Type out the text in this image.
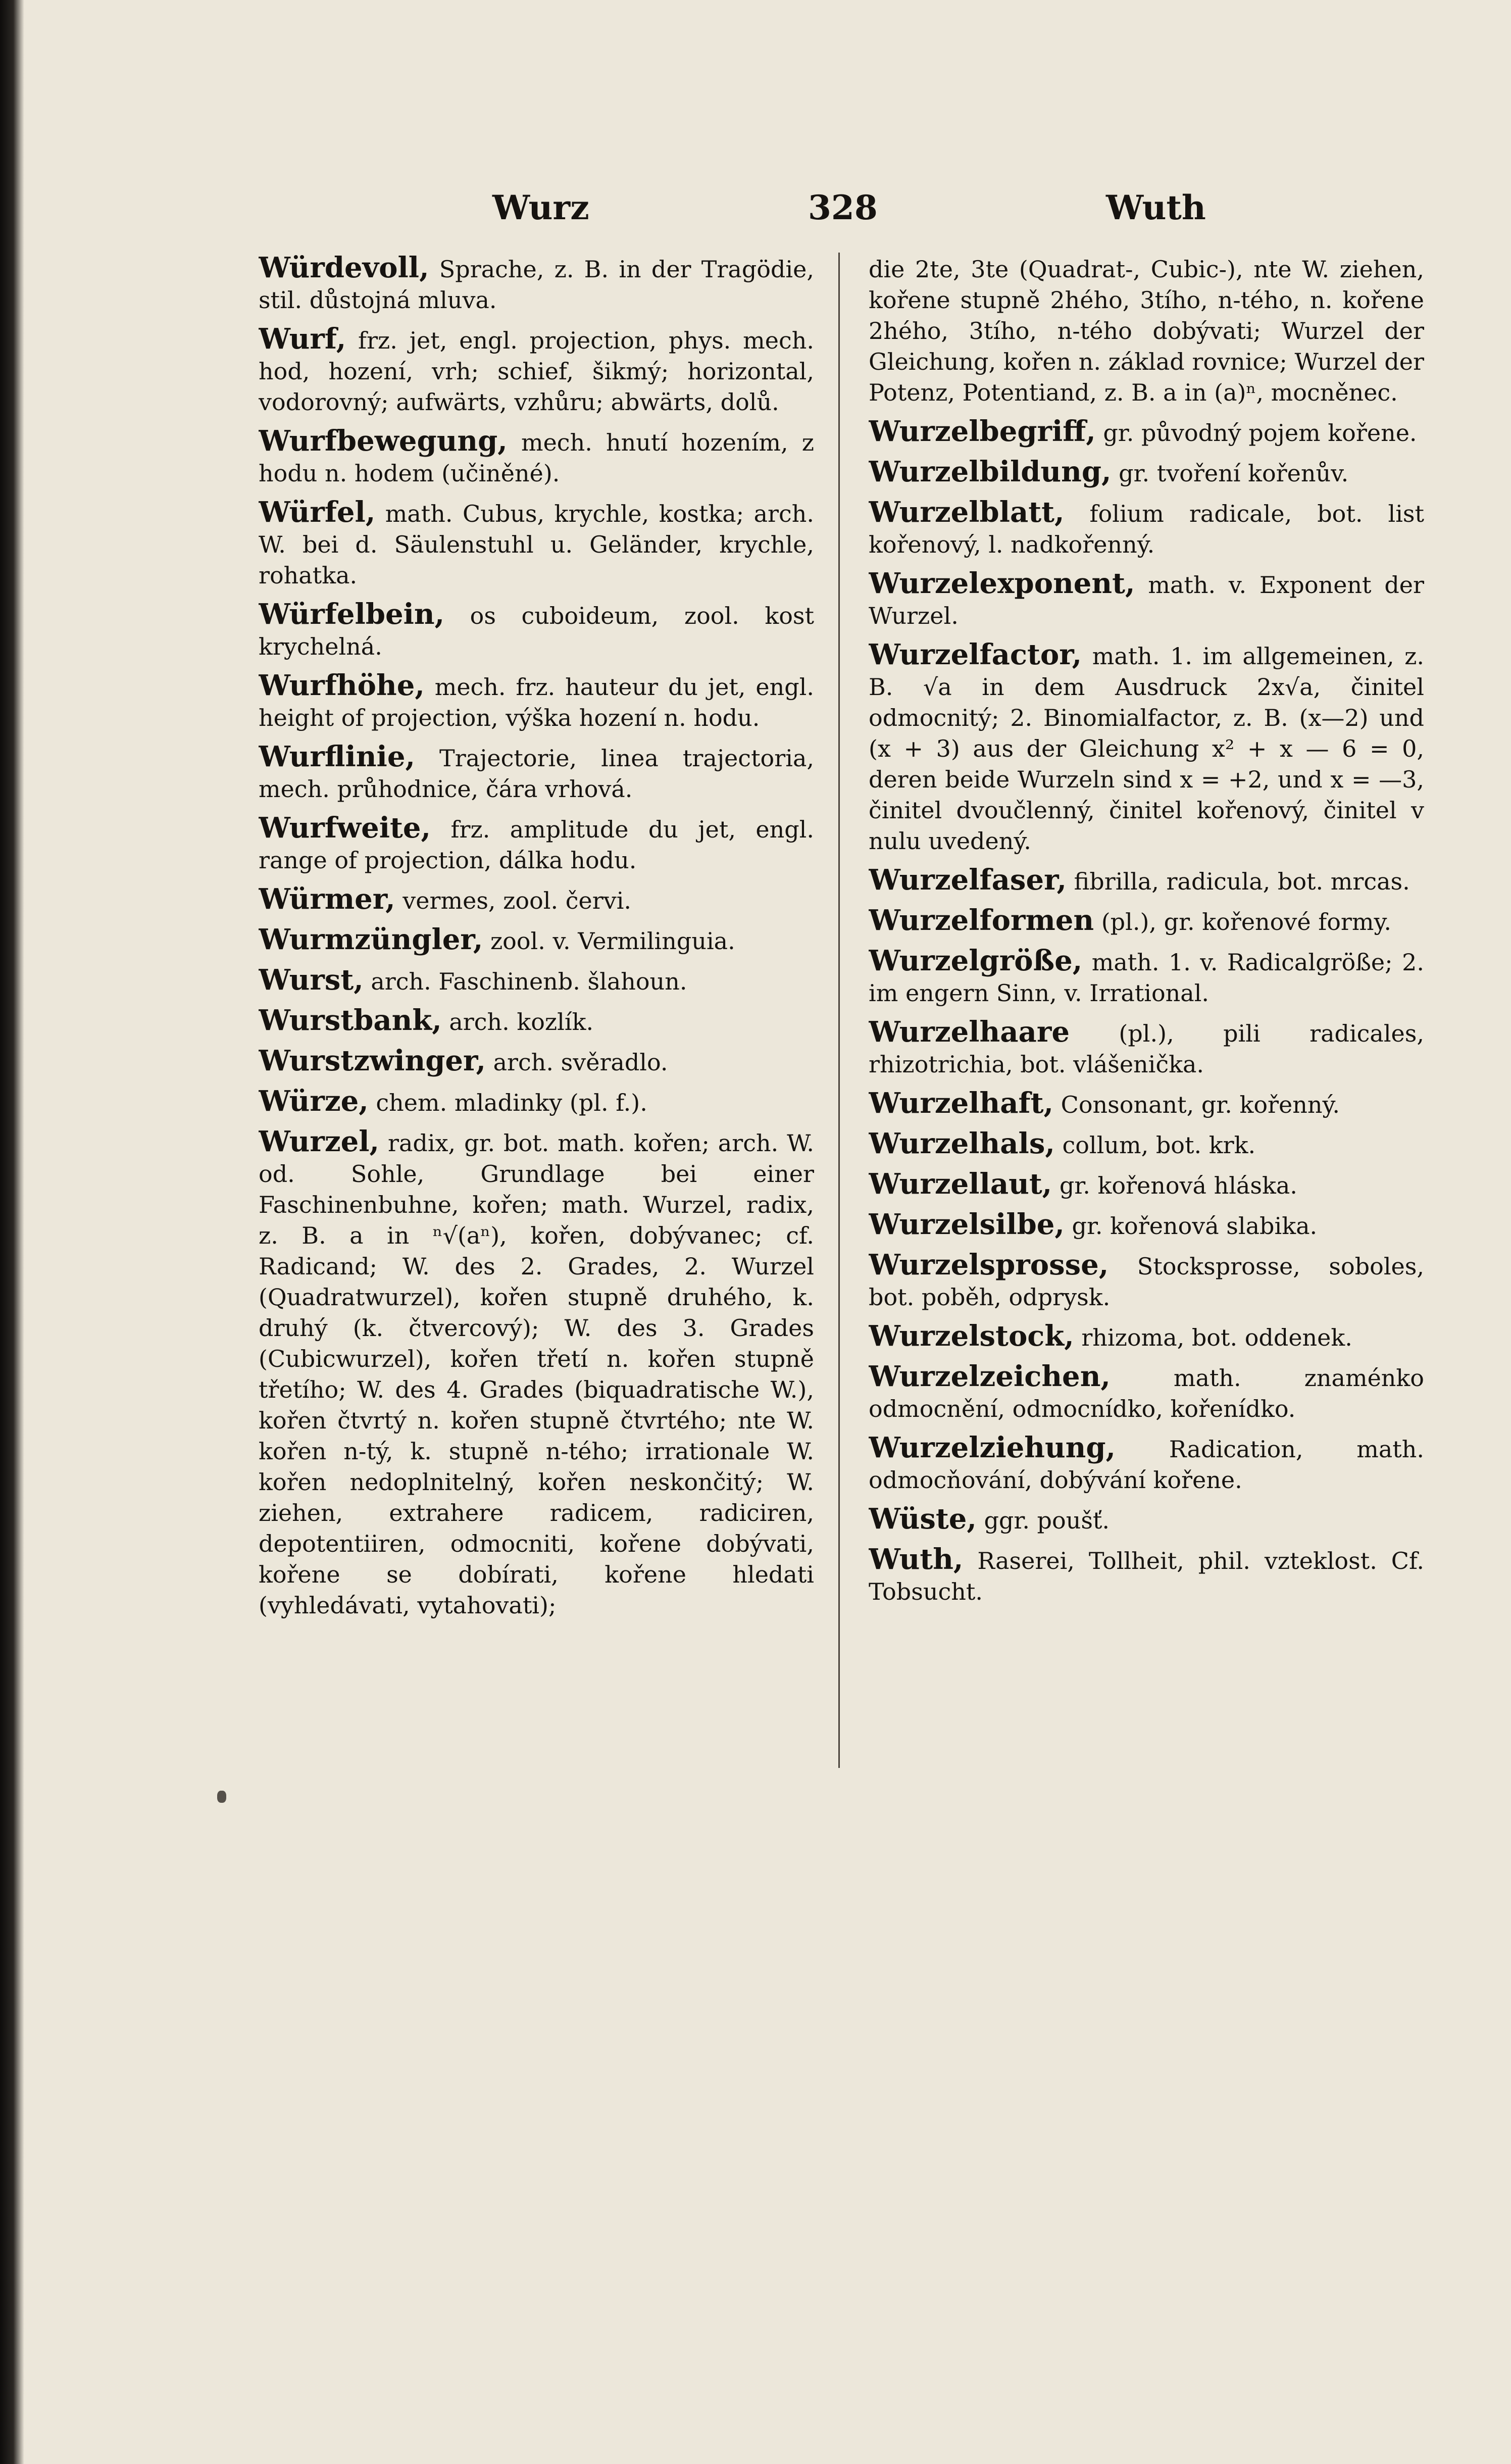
Wurz	328	Wuth

Würdevoll, Sprache, z. B. in der Tragödie, stil. důstojná mluva.

Wurf, frz. jet, engl. projection, phys. mech. hod, hození, vrh; schief, šikmý; horizontal, vodorovný; aufwärts, vzhůru; abwärts, dolů.

Wurfbewegung, mech. hnutí hozením, z hodu n. hodem (učiněné).

Würfel, math. Cubus, krychle, kostka; arch. W. bei d. Säulenstuhl u. Geländer, krychle, rohatka.

Würfelbein, os cuboideum, zool. kost krychelná.

Wurfhöhe, mech. frz. hauteur du jet, engl. height of projection, výška hození n. hodu.

Wurflinie, Trajectorie, linea trajectoria, mech. průhodnice, čára vrhová.

Wurfweite, frz. amplitude du jet, engl. range of projection, dálka hodu.

Würmer, vermes, zool. červi.

Wurmzüngler, zool. v. Vermilinguia.

Wurst, arch. Faschinenb. šlahoun.

Wurstbank, arch. kozlík.

Wurstzwinger, arch. svěradlo.

Würze, chem. mladinky (pl. f.).

Wurzel, radix, gr. bot. math. kořen; arch. W. od. Sohle, Grundlage bei einer Faschinenbuhne, kořen; math. Wurzel, radix, z. B. a in ⁿ√(aⁿ), kořen, dobývanec; cf. Radicand; W. des 2. Grades, 2. Wurzel (Quadratwurzel), kořen stupně druhého, k. druhý (k. čtvercový); W. des 3. Grades (Cubicwurzel), kořen třetí n. kořen stupně třetího; W. des 4. Grades (biquadratische W.), kořen čtvrtý n. kořen stupně čtvrtého; nte W. kořen n-tý, k. stupně n-tého; irrationale W. kořen nedoplnitelný, kořen neskončitý; W. ziehen, extrahere radicem, radiciren, depotentiiren, odmocniti, kořene dobývati, kořene se dobírati, kořene hledati (vyhledávati, vytahovati);

die 2te, 3te (Quadrat-, Cubic-), nte W. ziehen, kořene stupně 2hého, 3tího, n-tého, n. kořene 2hého, 3tího, n-tého dobývati; Wurzel der Gleichung, kořen n. základ rovnice; Wurzel der Potenz, Potentiand, z. B. a in (a)ⁿ, mocněnec.

Wurzelbegriff, gr. původný pojem kořene.

Wurzelbildung, gr. tvoření kořenův.

Wurzelblatt, folium radicale, bot. list kořenový, l. nadkořenný.

Wurzelexponent, math. v. Exponent der Wurzel.

Wurzelfactor, math. 1. im allgemeinen, z. B. √a in dem Ausdruck 2x√a, činitel odmocnitý; 2. Binomialfactor, z. B. (x—2) und (x + 3) aus der Gleichung x² + x — 6 = 0, deren beide Wurzeln sind x = +2, und x = —3, činitel dvoučlenný, činitel kořenový, činitel v nulu uvedený.

Wurzelfaser, fibrilla, radicula, bot. mrcas.

Wurzelformen (pl.), gr. kořenové formy.

Wurzelgröße, math. 1. v. Radicalgröße; 2. im engern Sinn, v. Irrational.

Wurzelhaare (pl.), pili radicales, rhizotrichia, bot. vlášenička.

Wurzelhaft, Consonant, gr. kořenný.

Wurzelhals, collum, bot. krk.

Wurzellaut, gr. kořenová hláska.

Wurzelsilbe, gr. kořenová slabika.

Wurzelsprosse, Stocksprosse, soboles, bot. poběh, odprysk.

Wurzelstock, rhizoma, bot. oddenek.

Wurzelzeichen,	math. znaménko odmocnění, odmocnídko, kořenídko.

Wurzelziehung, Radication, math. odmocňování, dobývání kořene.

Wüste, ggr. poušť.

Wuth, Raserei, Tollheit, phil. vzteklost. Cf. Tobsucht.
